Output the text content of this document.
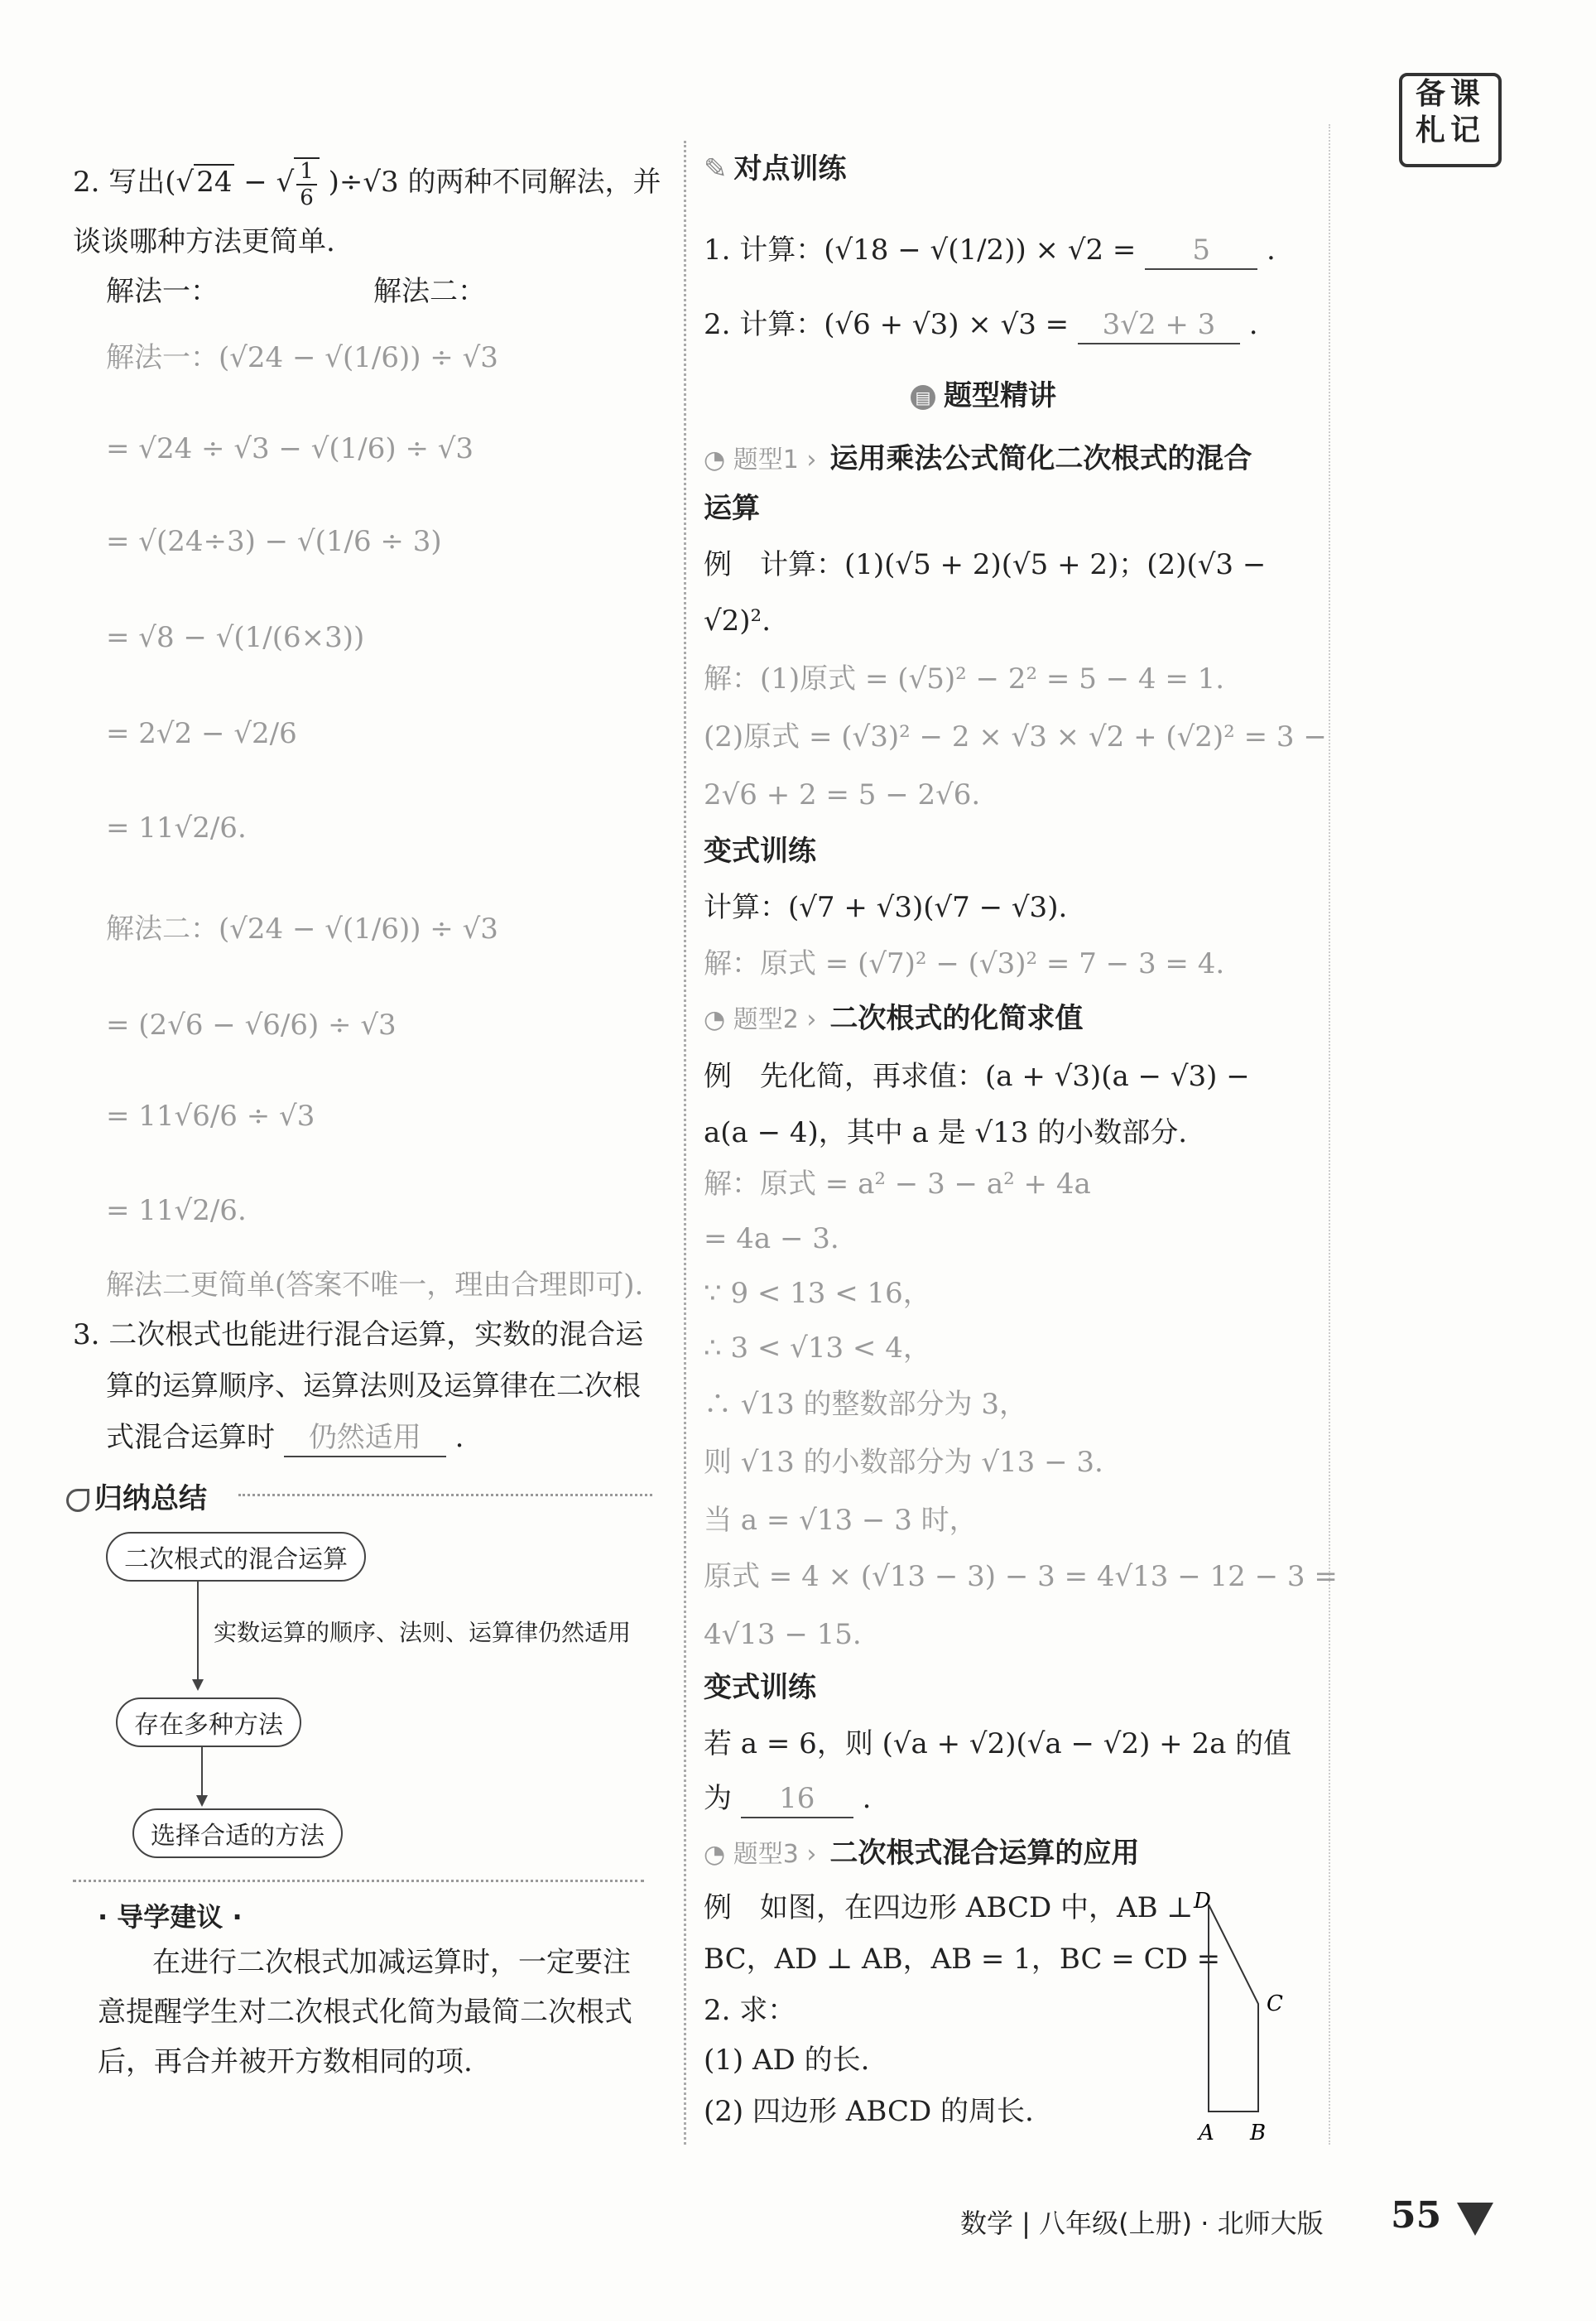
备课
札记
2. 写出(√24 − √ $\frac{1}{6} )\div√3$ 的两种不同解法，并
谈谈哪种方法更简单.
解法一：　　　　　　解法二：
解法一：(√24 − √(1/6)) ÷ √3
= √24 ÷ √3 − √(1/6) ÷ √3
= √(24÷3) − √(1/6 ÷ 3)
= √8 − √(1/(6×3))
= 2√2 − √2/6
= 11√2/6.
解法二：(√24 − √(1/6)) ÷ √3
= (2√6 − √6/6) ÷ √3
= 11√6/6 ÷ √3
= 11√2/6.
解法二更简单(答案不唯一，理由合理即可).
3. 二次根式也能进行混合运算，实数的混合运
算的运算顺序、运算法则及运算律在二次根
式混合运算时 仍然适用 .
归纳总结
二次根式的混合运算
实数运算的顺序、法则、运算律仍然适用
存在多种方法
选择合适的方法
· 导学建议 ·
在进行二次根式加减运算时，一定要注
意提醒学生对二次根式化简为最简二次根式
后，再合并被开方数相同的项.
✎ 对点训练
1. 计算：(√18 − √(1/2)) × √2 = 5 .
2. 计算：(√6 + √3) × √3 = 3√2 + 3 .
▤ 题型精讲
◔ 题型1 › 运用乘法公式简化二次根式的混合
运算
例　计算：(1)(√5 + 2)(√5 + 2)；(2)(√3 −
√2)².
解：(1)原式 = (√5)² − 2² = 5 − 4 = 1.
(2)原式 = (√3)² − 2 × √3 × √2 + (√2)² = 3 −
2√6 + 2 = 5 − 2√6.
变式训练
计算：(√7 + √3)(√7 − √3).
解：原式 = (√7)² − (√3)² = 7 − 3 = 4.
◔ 题型2 › 二次根式的化简求值
例　先化简，再求值：(a + √3)(a − √3) −
a(a − 4)，其中 a 是 √13 的小数部分.
解：原式 = a² − 3 − a² + 4a
= 4a − 3.
∵ 9 < 13 < 16，
∴ 3 < √13 < 4，
∴ √13 的整数部分为 3，
则 √13 的小数部分为 √13 − 3.
当 a = √13 − 3 时，
原式 = 4 × (√13 − 3) − 3 = 4√13 − 12 − 3 =
4√13 − 15.
变式训练
若 a = 6，则 (√a + √2)(√a − √2) + 2a 的值
为 16 .
◔ 题型3 › 二次根式混合运算的应用
例　如图，在四边形 ABCD 中，AB ⊥
BC，AD ⊥ AB，AB = 1，BC = CD =
2. 求：
(1) AD 的长.
(2) 四边形 ABCD 的周长.
D
C
A B
数学 | 八年级(上册) · 北师大版 55
